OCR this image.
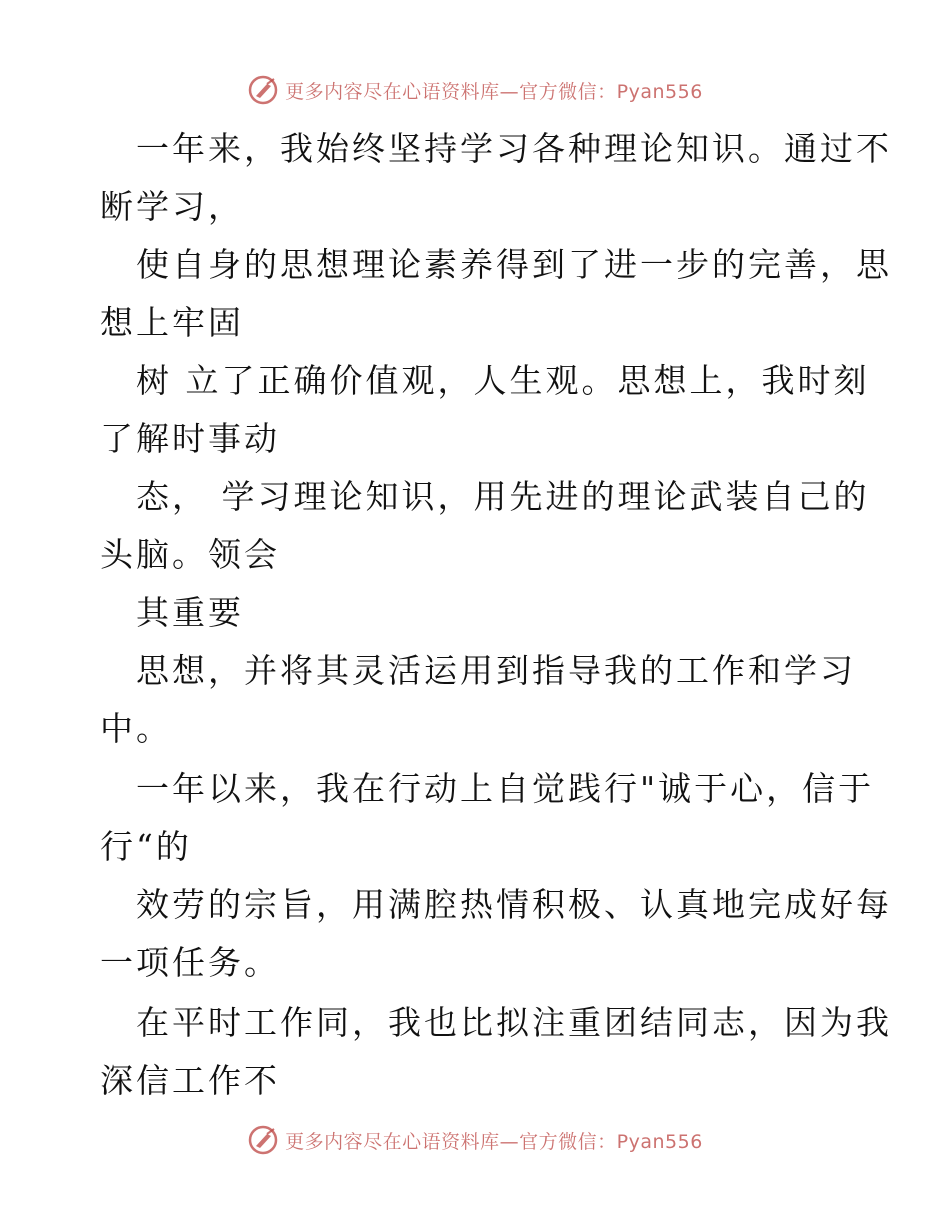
更多内容尽在心语资料库—官方微信：Pyan556
一年来，我始终坚持学习各种理论知识。通过不
断学习，
使自身的思想理论素养得到了进一步的完善，思
想上牢固
树 立了正确价值观，人生观。思想上，我时刻
了解时事动
态， 学习理论知识，用先进的理论武装自己的
头脑。领会
其重要
思想，并将其灵活运用到指导我的工作和学习
中。
一年以来，我在行动上自觉践行"诚于心，信于
行“的
效劳的宗旨，用满腔热情积极、认真地完成好每
一项任务。
在平时工作同，我也比拟注重团结同志，因为我
深信工作不
更多内容尽在心语资料库—官方微信：Pyan556
